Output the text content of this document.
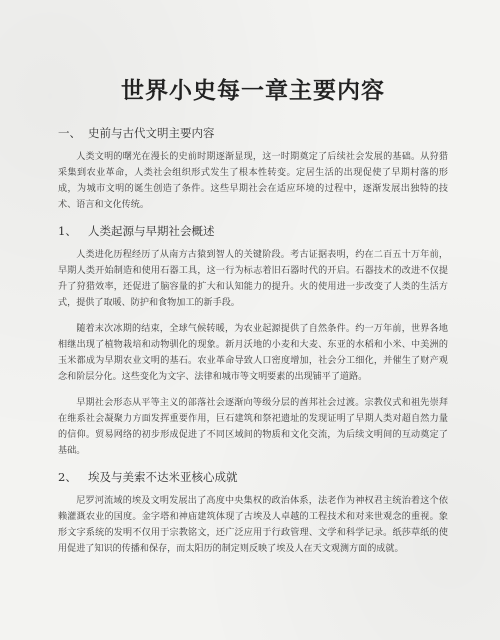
世界小史每一章主要内容
一、 史前与古代文明主要内容

人类文明的曙光在漫长的史前时期逐渐显现，这一时期奠定了后续社会发展的基础。从狩猎采集到农业革命，人类社会组织形式发生了根本性转变。定居生活的出现促使了早期村落的形成，为城市文明的诞生创造了条件。这些早期社会在适应环境的过程中，逐渐发展出独特的技术、语言和文化传统。

1、 人类起源与早期社会概述

人类进化历程经历了从南方古猿到智人的关键阶段。考古证据表明，约在二百五十万年前，早期人类开始制造和使用石器工具，这一行为标志着旧石器时代的开启。石器技术的改进不仅提升了狩猎效率，还促进了脑容量的扩大和认知能力的提升。火的使用进一步改变了人类的生活方式，提供了取暖、防护和食物加工的新手段。

随着末次冰期的结束，全球气候转暖，为农业起源提供了自然条件。约一万年前，世界各地相继出现了植物栽培和动物驯化的现象。新月沃地的小麦和大麦、东亚的水稻和小米、中美洲的玉米都成为早期农业文明的基石。农业革命导致人口密度增加，社会分工细化，并催生了财产观念和阶层分化。这些变化为文字、法律和城市等文明要素的出现铺平了道路。

早期社会形态从平等主义的部落社会逐渐向等级分层的酋邦社会过渡。宗教仪式和祖先崇拜在维系社会凝聚力方面发挥重要作用，巨石建筑和祭祀遗址的发现证明了早期人类对超自然力量的信仰。贸易网络的初步形成促进了不同区域间的物质和文化交流，为后续文明间的互动奠定了基础。

2、 埃及与美索不达米亚核心成就

尼罗河流域的埃及文明发展出了高度中央集权的政治体系，法老作为神权君主统治着这个依赖灌溉农业的国度。金字塔和神庙建筑体现了古埃及人卓越的工程技术和对来世观念的重视。象形文字系统的发明不仅用于宗教铭文，还广泛应用于行政管理、文学和科学记录。纸莎草纸的使用促进了知识的传播和保存，而太阳历的制定则反映了埃及人在天文观测方面的成就。
